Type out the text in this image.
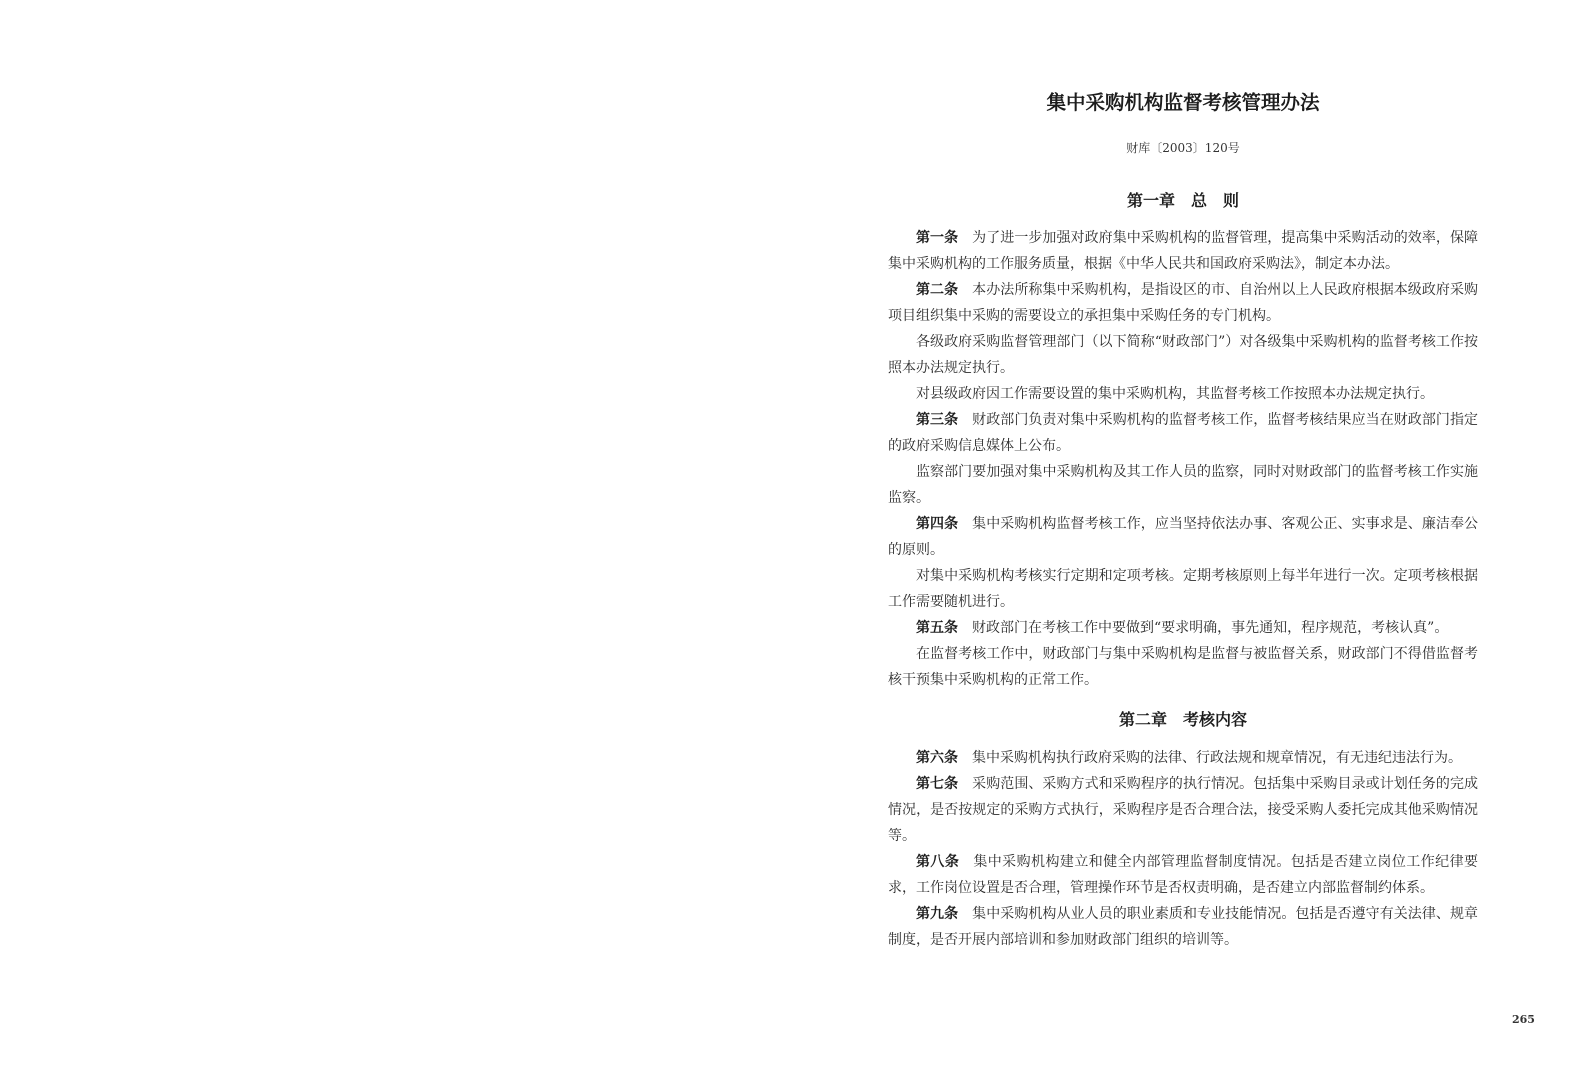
集中采购机构监督考核管理办法
财库〔2003〕120号
第一章　总　则

第一条 为了进一步加强对政府集中采购机构的监督管理，提高集中采购活动的效率，保障集中采购机构的工作服务质量，根据《中华人民共和国政府采购法》，制定本办法。

第二条 本办法所称集中采购机构，是指设区的市、自治州以上人民政府根据本级政府采购项目组织集中采购的需要设立的承担集中采购任务的专门机构。

各级政府采购监督管理部门（以下简称“财政部门”）对各级集中采购机构的监督考核工作按照本办法规定执行。

对县级政府因工作需要设置的集中采购机构，其监督考核工作按照本办法规定执行。

第三条 财政部门负责对集中采购机构的监督考核工作，监督考核结果应当在财政部门指定的政府采购信息媒体上公布。

监察部门要加强对集中采购机构及其工作人员的监察，同时对财政部门的监督考核工作实施监察。

第四条 集中采购机构监督考核工作，应当坚持依法办事、客观公正、实事求是、廉洁奉公的原则。

对集中采购机构考核实行定期和定项考核。定期考核原则上每半年进行一次。定项考核根据工作需要随机进行。

第五条 财政部门在考核工作中要做到“要求明确，事先通知，程序规范，考核认真”。

在监督考核工作中，财政部门与集中采购机构是监督与被监督关系，财政部门不得借监督考核干预集中采购机构的正常工作。

第二章　考核内容

第六条 集中采购机构执行政府采购的法律、行政法规和规章情况，有无违纪违法行为。

第七条 采购范围、采购方式和采购程序的执行情况。包括集中采购目录或计划任务的完成情况，是否按规定的采购方式执行，采购程序是否合理合法，接受采购人委托完成其他采购情况等。

第八条 集中采购机构建立和健全内部管理监督制度情况。包括是否建立岗位工作纪律要求，工作岗位设置是否合理，管理操作环节是否权责明确，是否建立内部监督制约体系。

第九条 集中采购机构从业人员的职业素质和专业技能情况。包括是否遵守有关法律、规章制度，是否开展内部培训和参加财政部门组织的培训等。

265
